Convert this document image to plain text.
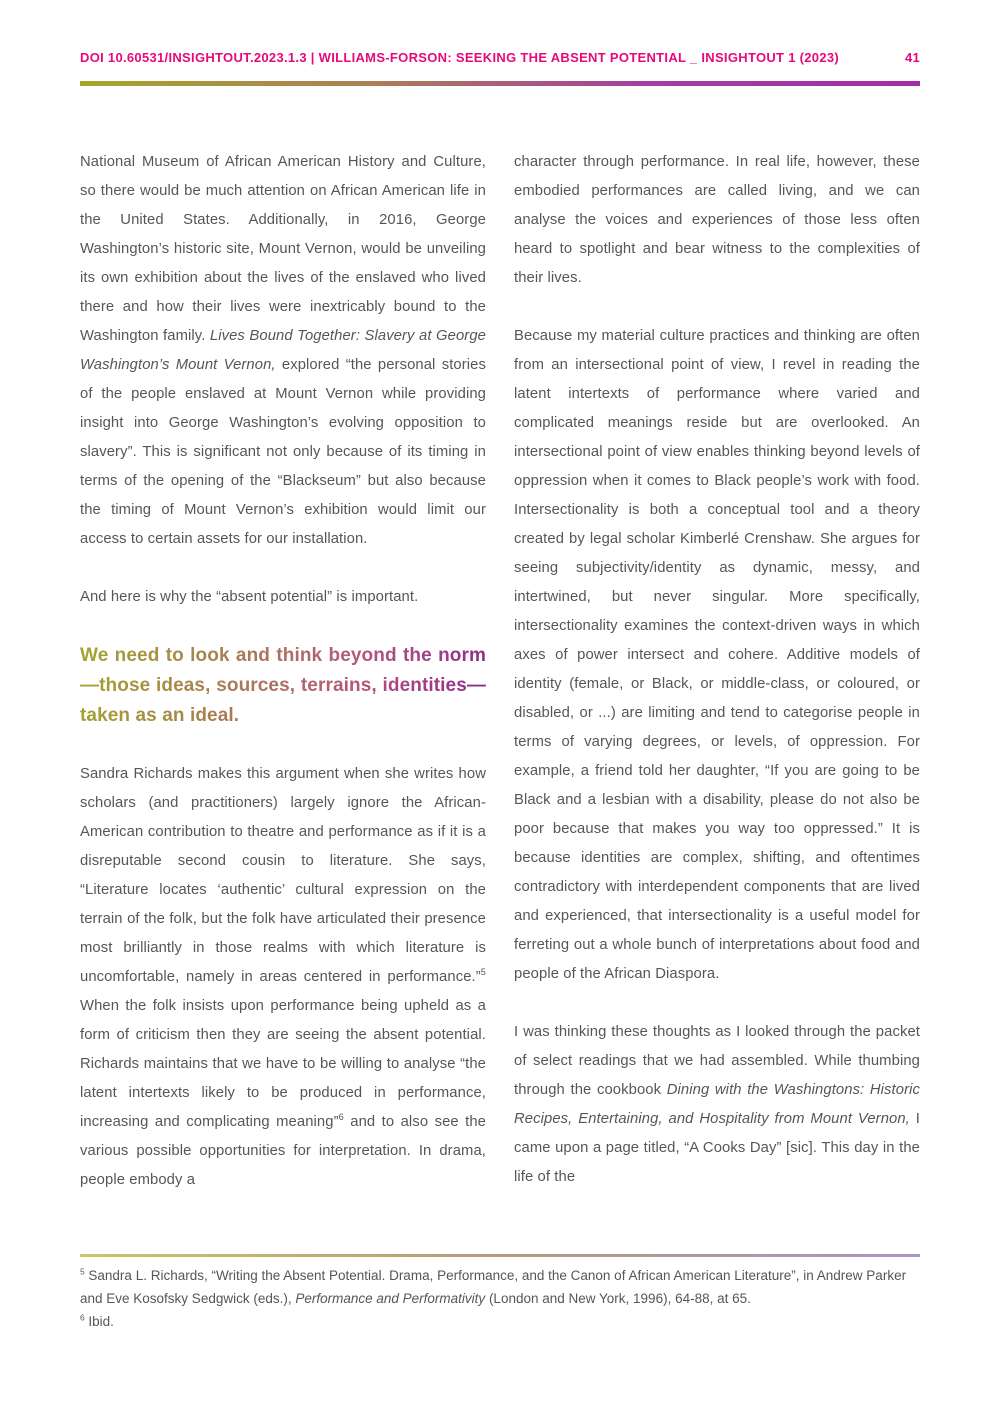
DOI 10.60531/INSIGHTOUT.2023.1.3 | WILLIAMS-FORSON: SEEKING THE ABSENT POTENTIAL _ INSIGHTOUT 1 (2023)	41

National Museum of African American History and Culture, so there would be much attention on African American life in the United States. Additionally, in 2016, George Washington’s historic site, Mount Vernon, would be unveiling its own exhibition about the lives of the enslaved who lived there and how their lives were inextricably bound to the Washington family. Lives Bound Together: Slavery at George Washington’s Mount Vernon, explored “the personal stories of the people enslaved at Mount Vernon while providing insight into George Washington’s evolving opposition to slavery”. This is significant not only because of its timing in terms of the opening of the “Blackseum” but also because the timing of Mount Vernon’s exhibition would limit our access to certain assets for our installation.

And here is why the “absent potential” is important.

We need to look and think beyond the norm—those ideas, sources, terrains, identities—taken as an ideal.

Sandra Richards makes this argument when she writes how scholars (and practitioners) largely ignore the African-American contribution to theatre and performance as if it is a disreputable second cousin to literature. She says, “Literature locates ‘authentic’ cultural expression on the terrain of the folk, but the folk have articulated their presence most brilliantly in those realms with which literature is uncomfortable, namely in areas centered in performance.”$^5$ When the folk insists upon performance being upheld as a form of criticism then they are seeing the absent potential. Richards maintains that we have to be willing to analyse “the latent intertexts likely to be produced in performance, increasing and complicating meaning”$^6$ and to also see the various possible opportunities for interpretation. In drama, people embody a

character through performance. In real life, however, these embodied performances are called living, and we can analyse the voices and experiences of those less often heard to spotlight and bear witness to the complexities of their lives.

Because my material culture practices and thinking are often from an intersectional point of view, I revel in reading the latent intertexts of performance where varied and complicated meanings reside but are overlooked. An intersectional point of view enables thinking beyond levels of oppression when it comes to Black people’s work with food. Intersectionality is both a conceptual tool and a theory created by legal scholar Kimberlé Crenshaw. She argues for seeing subjectivity/identity as dynamic, messy, and intertwined, but never singular. More specifically, intersectionality examines the context-driven ways in which axes of power intersect and cohere. Additive models of identity (female, or Black, or middle-class, or coloured, or disabled, or ...) are limiting and tend to categorise people in terms of varying degrees, or levels, of oppression. For example, a friend told her daughter, “If you are going to be Black and a lesbian with a disability, please do not also be poor because that makes you way too oppressed.” It is because identities are complex, shifting, and oftentimes contradictory with interdependent components that are lived and experienced, that intersectionality is a useful model for ferreting out a whole bunch of interpretations about food and people of the African Diaspora.

I was thinking these thoughts as I looked through the packet of select readings that we had assembled. While thumbing through the cookbook Dining with the Washingtons: Historic Recipes, Entertaining, and Hospitality from Mount Vernon, I came upon a page titled, “A Cooks Day” [sic]. This day in the life of the

$^5$ Sandra L. Richards, “Writing the Absent Potential. Drama, Performance, and the Canon of African American Literature”, in Andrew Parker and Eve Kosofsky Sedgwick (eds.), Performance and Performativity (London and New York, 1996), 64-88, at 65.

$^6$ Ibid.
